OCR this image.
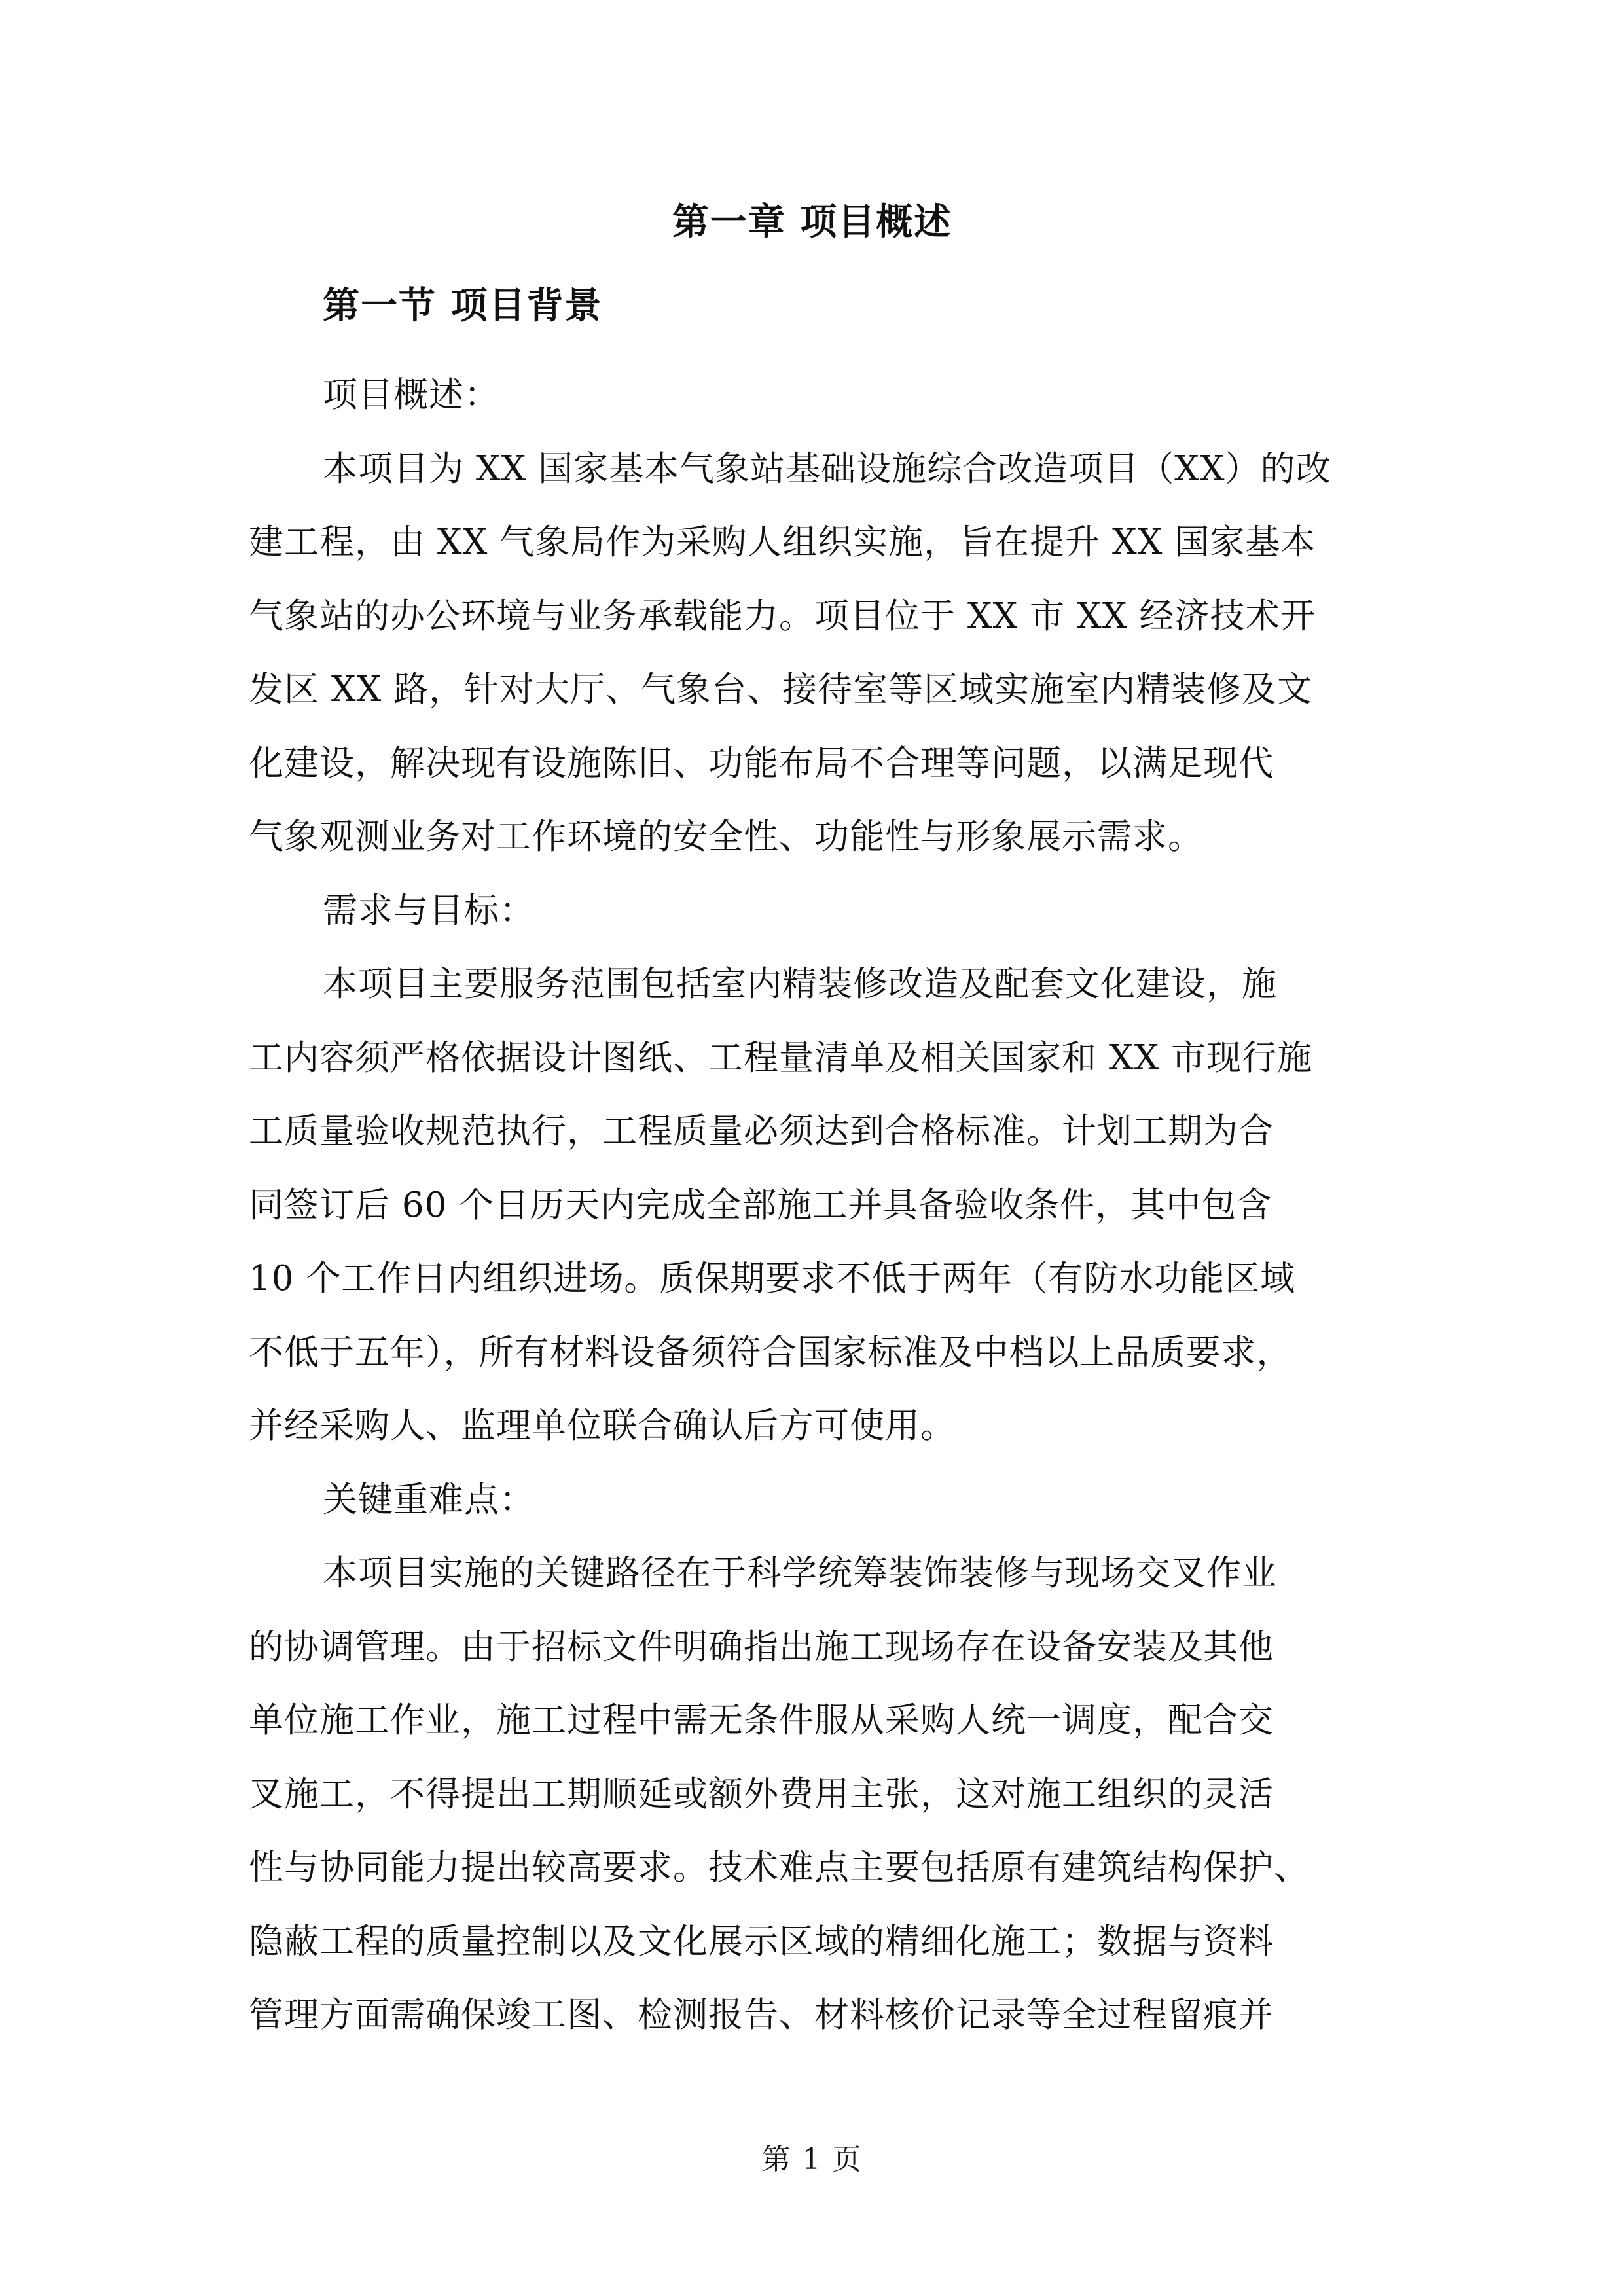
第一章 项目概述
第一节 项目背景

项目概述：

本项目为 XX 国家基本气象站基础设施综合改造项目（XX）的改
建工程，由 XX 气象局作为采购人组织实施，旨在提升 XX 国家基本
气象站的办公环境与业务承载能力。项目位于 XX 市 XX 经济技术开
发区 XX 路，针对大厅、气象台、接待室等区域实施室内精装修及文
化建设，解决现有设施陈旧、功能布局不合理等问题，以满足现代
气象观测业务对工作环境的安全性、功能性与形象展示需求。

需求与目标：

本项目主要服务范围包括室内精装修改造及配套文化建设，施
工内容须严格依据设计图纸、工程量清单及相关国家和 XX 市现行施
工质量验收规范执行，工程质量必须达到合格标准。计划工期为合
同签订后 60 个日历天内完成全部施工并具备验收条件，其中包含
10 个工作日内组织进场。质保期要求不低于两年（有防水功能区域
不低于五年），所有材料设备须符合国家标准及中档以上品质要求，
并经采购人、监理单位联合确认后方可使用。

关键重难点：

本项目实施的关键路径在于科学统筹装饰装修与现场交叉作业
的协调管理。由于招标文件明确指出施工现场存在设备安装及其他
单位施工作业，施工过程中需无条件服从采购人统一调度，配合交
叉施工，不得提出工期顺延或额外费用主张，这对施工组织的灵活
性与协同能力提出较高要求。技术难点主要包括原有建筑结构保护、
隐蔽工程的质量控制以及文化展示区域的精细化施工；数据与资料
管理方面需确保竣工图、检测报告、材料核价记录等全过程留痕并

第 1 页
